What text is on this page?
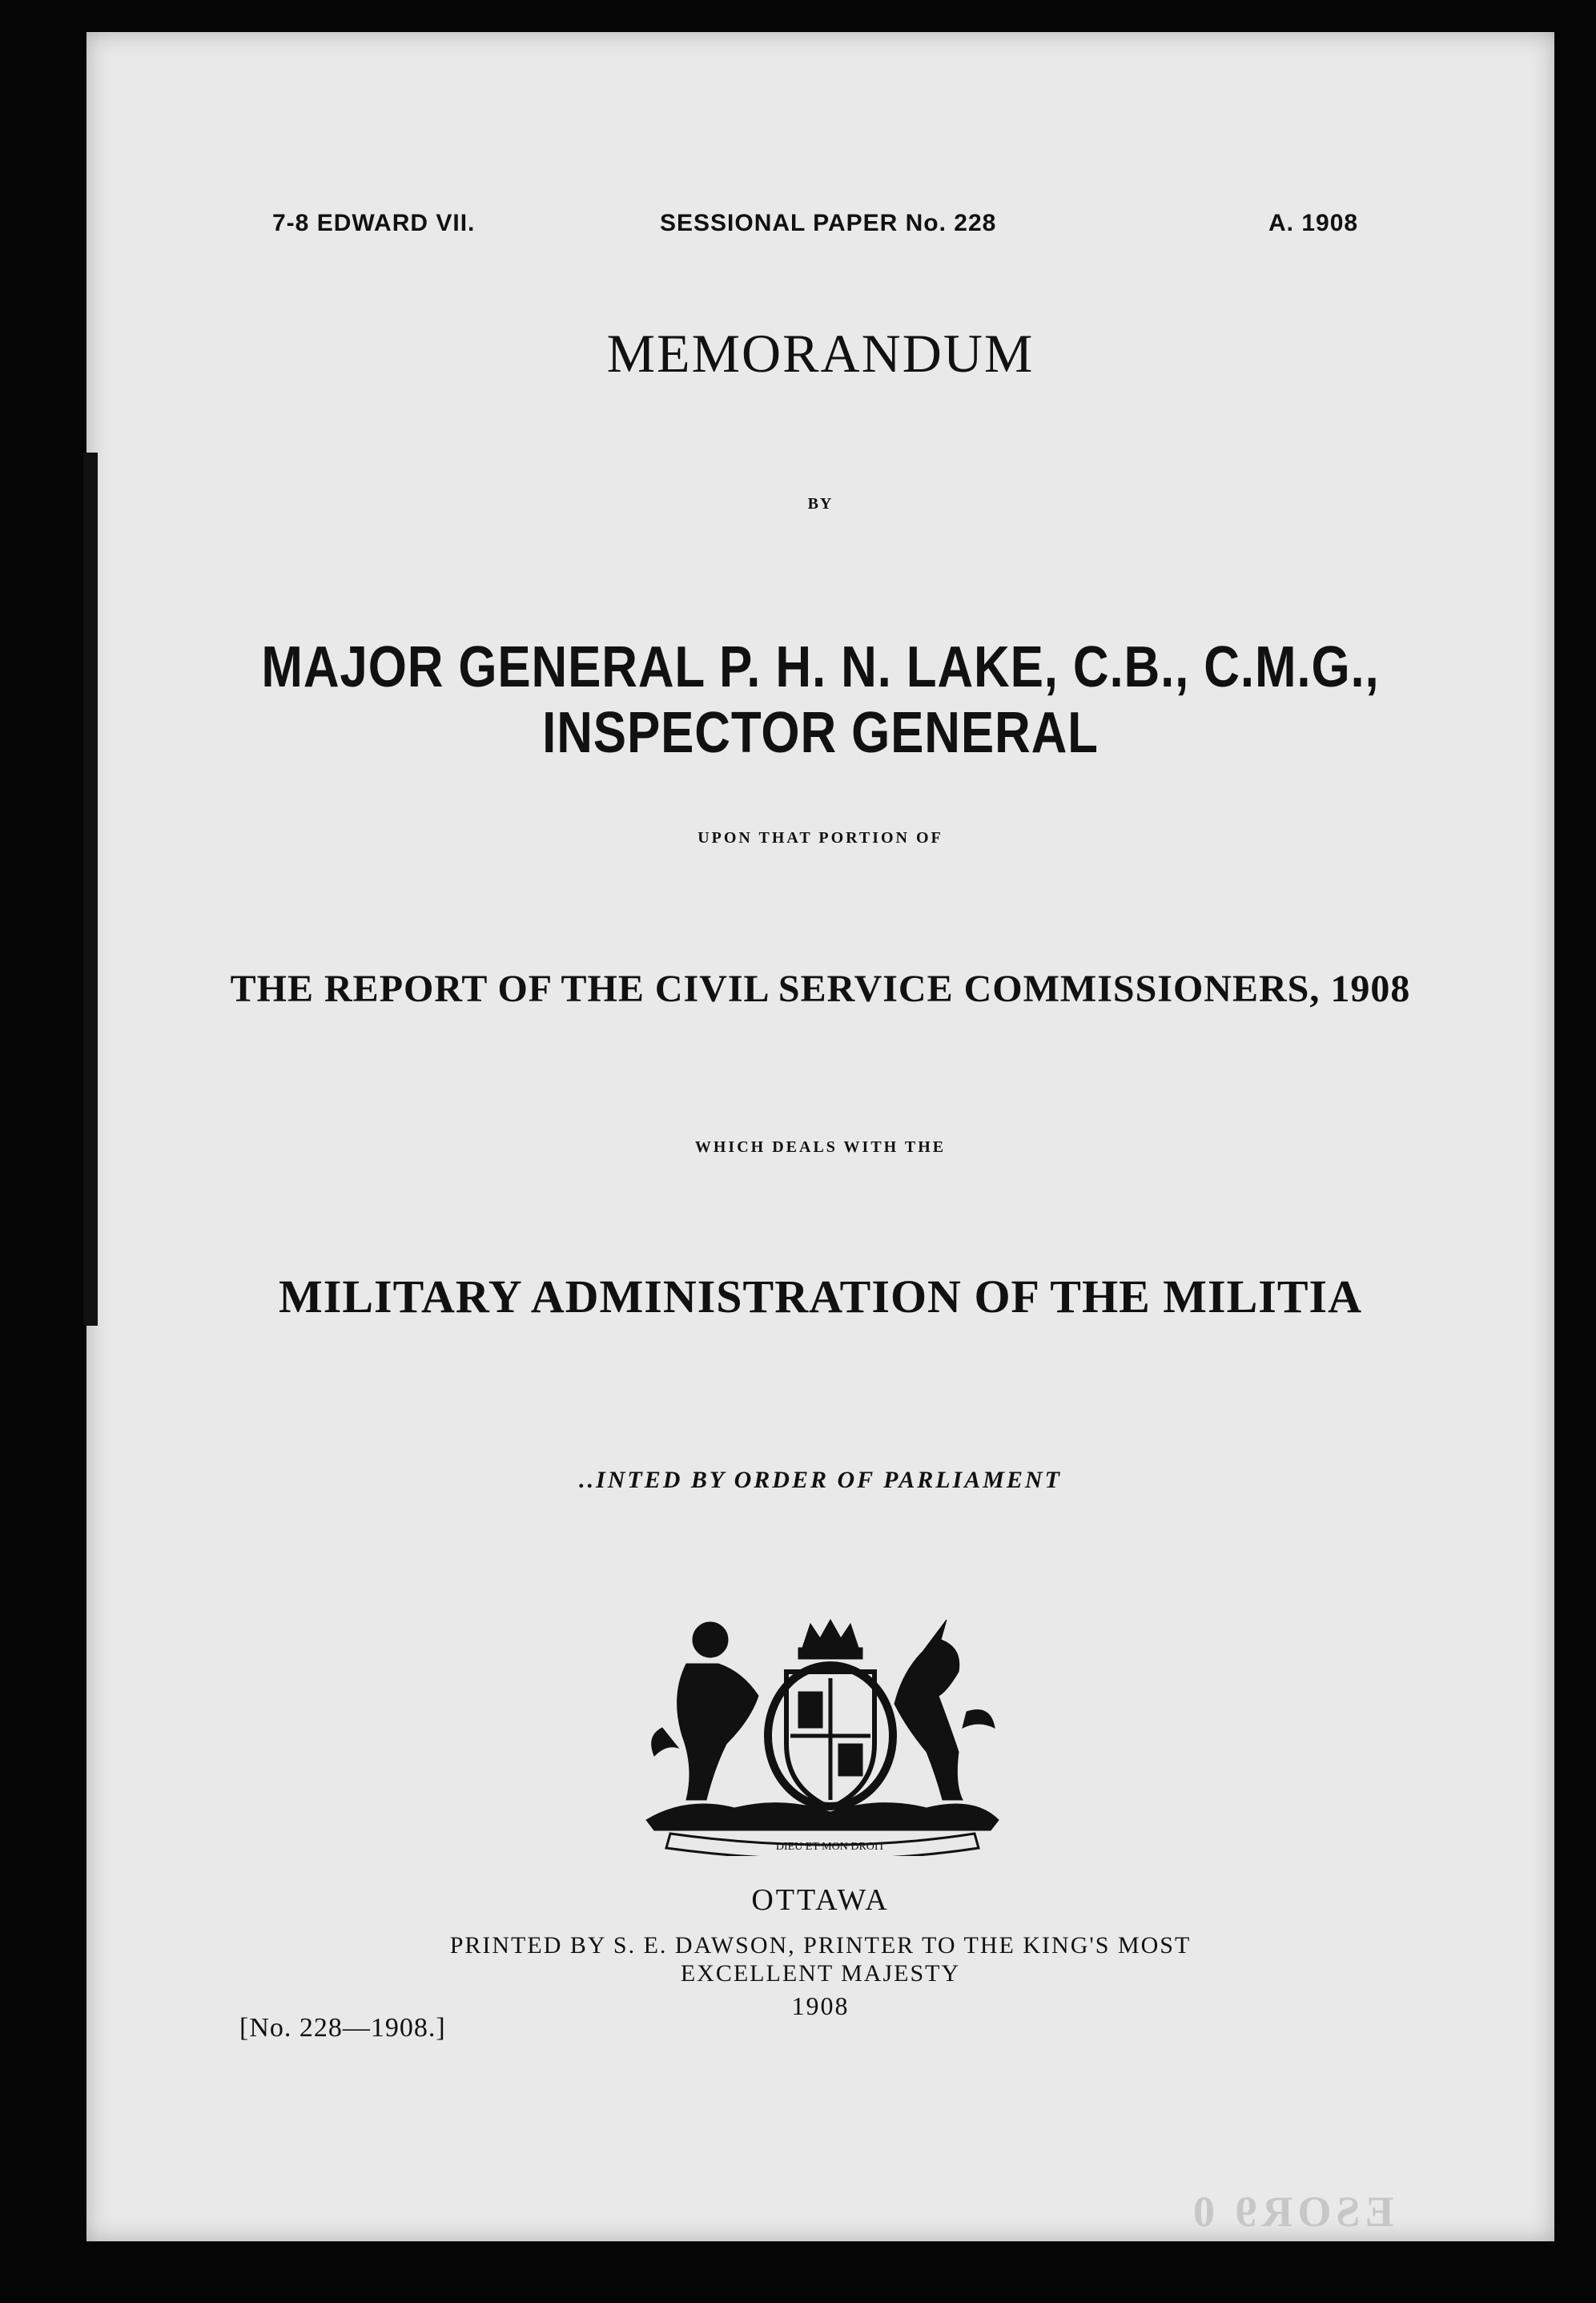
7-8 EDWARD VII.	SESSIONAL PAPER No. 228	A. 1908
MEMORANDUM
BY
MAJOR GENERAL P. H. N. LAKE, C.B., C.M.G., INSPECTOR GENERAL
UPON THAT PORTION OF
THE REPORT OF THE CIVIL SERVICE COMMISSIONERS, 1908
WHICH DEALS WITH THE
MILITARY ADMINISTRATION OF THE MILITIA
..INTED BY ORDER OF PARLIAMENT
DIEU ET MON DROIT
OTTAWA
PRINTED BY S. E. DAWSON, PRINTER TO THE KING'S MOST
EXCELLENT MAJESTY
1908
[No. 228—1908.]
ESOR9 0
